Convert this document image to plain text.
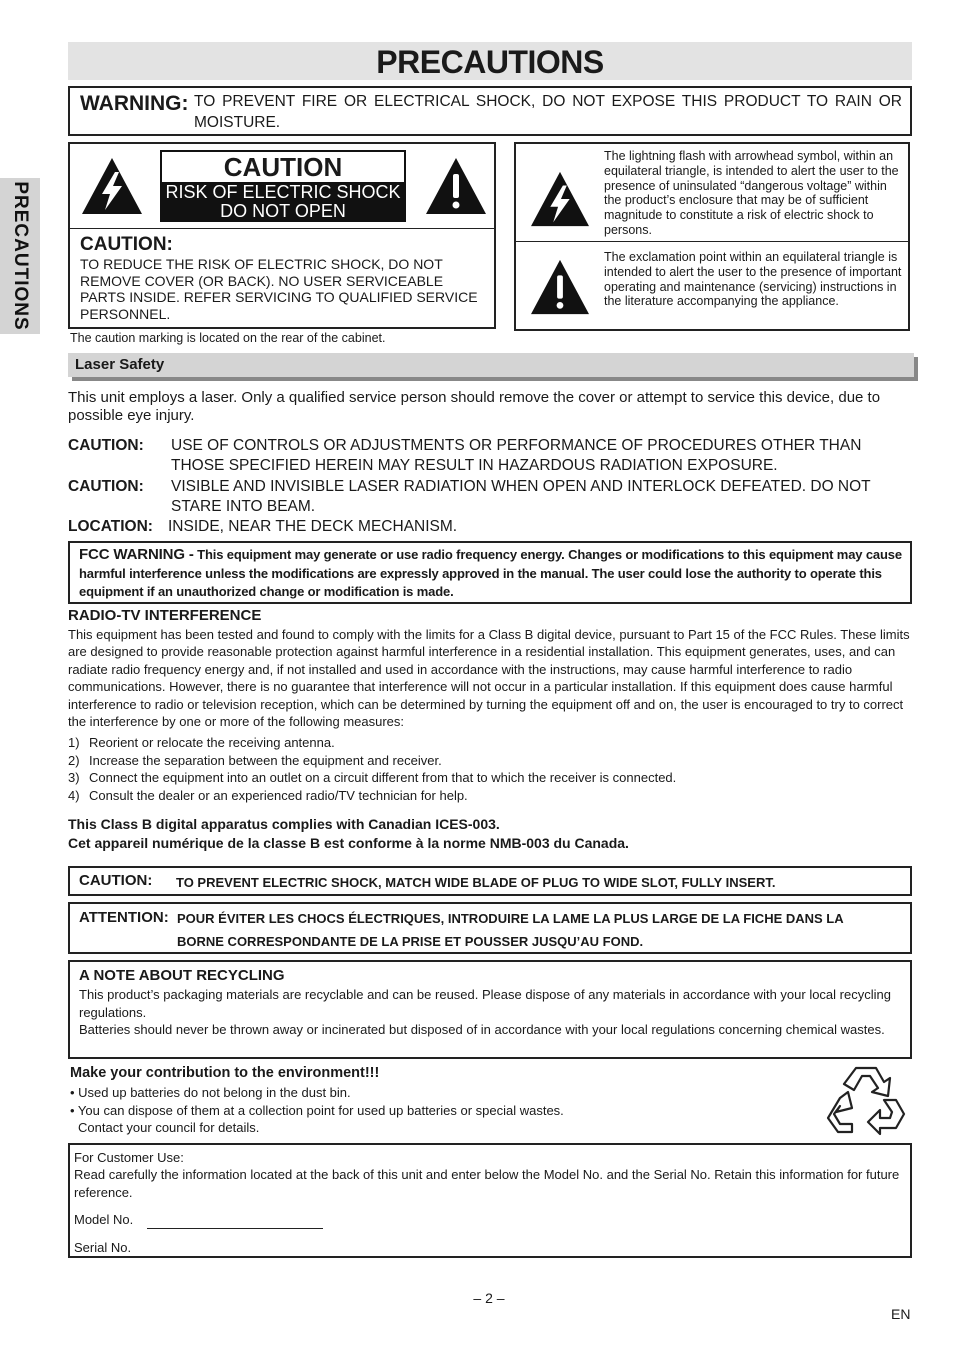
PRECAUTIONS
PRECAUTIONS
WARNING: TO PREVENT FIRE OR ELECTRICAL SHOCK, DO NOT EXPOSE THIS PRODUCT TO RAIN OR MOISTURE.
CAUTION
RISK OF ELECTRIC SHOCK
DO NOT OPEN
CAUTION:
TO REDUCE THE RISK OF ELECTRIC SHOCK, DO NOT REMOVE COVER (OR BACK). NO USER SERVICEABLE PARTS INSIDE. REFER SERVICING TO QUALIFIED SERVICE PERSONNEL.
The caution marking is located on the rear of the cabinet.
The lightning flash with arrowhead symbol, within an equilateral triangle, is intended to alert the user to the presence of uninsulated “dangerous voltage” within the product’s enclosure that may be of sufficient magnitude to constitute a risk of electric shock to persons.
The exclamation point within an equilateral triangle is intended to alert the user to the presence of important operating and maintenance (servicing) instructions in the literature accompanying the appliance.
Laser Safety
This unit employs a laser. Only a qualified service person should remove the cover or attempt to service this device, due to possible eye injury.
CAUTION: USE OF CONTROLS OR ADJUSTMENTS OR PERFORMANCE OF PROCEDURES OTHER THAN THOSE SPECIFIED HEREIN MAY RESULT IN HAZARDOUS RADIATION EXPOSURE.
CAUTION: VISIBLE AND INVISIBLE LASER RADIATION WHEN OPEN AND INTERLOCK DEFEATED. DO NOT STARE INTO BEAM.
LOCATION: INSIDE, NEAR THE DECK MECHANISM.
FCC WARNING - This equipment may generate or use radio frequency energy. Changes or modifications to this equipment may cause harmful interference unless the modifications are expressly approved in the manual. The user could lose the authority to operate this equipment if an unauthorized change or modification is made.
RADIO-TV INTERFERENCE
This equipment has been tested and found to comply with the limits for a Class B digital device, pursuant to Part 15 of the FCC Rules. These limits are designed to provide reasonable protection against harmful interference in a residential installation. This equipment generates, uses, and can radiate radio frequency energy and, if not installed and used in accordance with the instructions, may cause harmful interference to radio communications. However, there is no guarantee that interference will not occur in a particular installation. If this equipment does cause harmful interference to radio or television reception, which can be determined by turning the equipment off and on, the user is encouraged to try to correct the interference by one or more of the following measures:
1) Reorient or relocate the receiving antenna.
2) Increase the separation between the equipment and receiver.
3) Connect the equipment into an outlet on a circuit different from that to which the receiver is connected.
4) Consult the dealer or an experienced radio/TV technician for help.
This Class B digital apparatus complies with Canadian ICES-003.
Cet appareil numérique de la classe B est conforme à la norme NMB-003 du Canada.
CAUTION: TO PREVENT ELECTRIC SHOCK, MATCH WIDE BLADE OF PLUG TO WIDE SLOT, FULLY INSERT.
ATTENTION: POUR ÉVITER LES CHOCS ÉLECTRIQUES, INTRODUIRE LA LAME LA PLUS LARGE DE LA FICHE DANS LA
BORNE CORRESPONDANTE DE LA PRISE ET POUSSER JUSQU’AU FOND.
A NOTE ABOUT RECYCLING
This product’s packaging materials are recyclable and can be reused. Please dispose of any materials in accordance with your local recycling regulations.
Batteries should never be thrown away or incinerated but disposed of in accordance with your local regulations concerning chemical wastes.
Make your contribution to the environment!!!
• Used up batteries do not belong in the dust bin.
• You can dispose of them at a collection point for used up batteries or special wastes.
Contact your council for details.
For Customer Use:
Read carefully the information located at the back of this unit and enter below the Model No. and the Serial No. Retain this information for future reference.
Model No.
Serial No.
– 2 –
EN
